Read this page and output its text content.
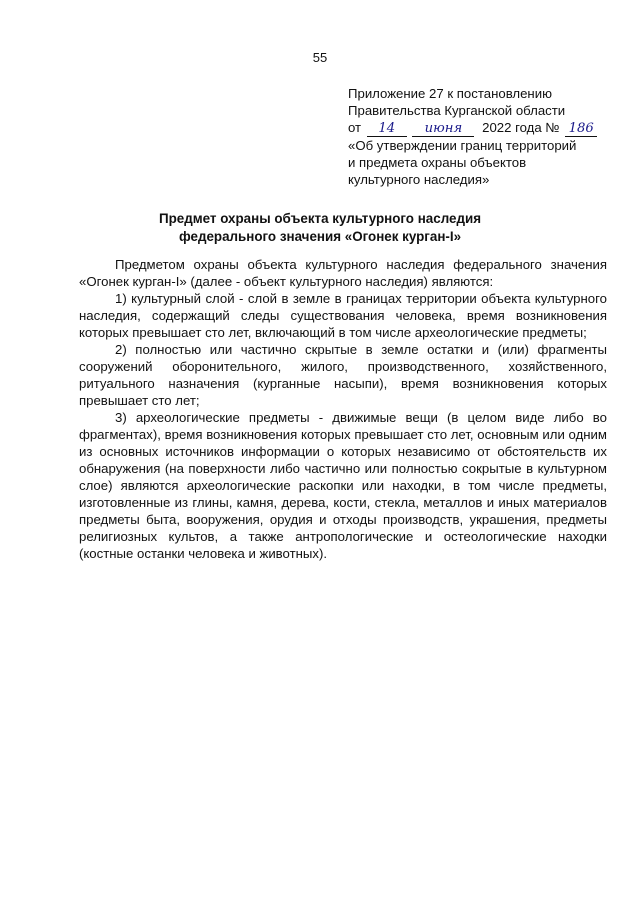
55
Приложение 27 к постановлению
Правительства Курганской области
от 14 июня 2022 года № 186
«Об утверждении границ территорий
и предмета охраны объектов
культурного наследия»
Предмет охраны объекта культурного наследия
федерального значения «Огонек курган-I»

Предметом охраны объекта культурного наследия федерального значения «Огонек курган-I» (далее - объект культурного наследия) являются:

1) культурный слой - слой в земле в границах территории объекта культурного наследия, содержащий следы существования человека, время возникновения которых превышает сто лет, включающий в том числе археологические предметы;

2) полностью или частично скрытые в земле остатки и (или) фрагменты сооружений оборонительного, жилого, производственного, хозяйственного, ритуального назначения (курганные насыпи), время возникновения которых превышает сто лет;

3) археологические предметы - движимые вещи (в целом виде либо во фрагментах), время возникновения которых превышает сто лет, основным или одним из основных источников информации о которых независимо от обстоятельств их обнаружения (на поверхности либо частично или полностью сокрытые в культурном слое) являются археологические раскопки или находки, в том числе предметы, изготовленные из глины, камня, дерева, кости, стекла, металлов и иных материалов предметы быта, вооружения, орудия и отходы производств, украшения, предметы религиозных культов, а также антропологические и остеологические находки (костные останки человека и животных).
